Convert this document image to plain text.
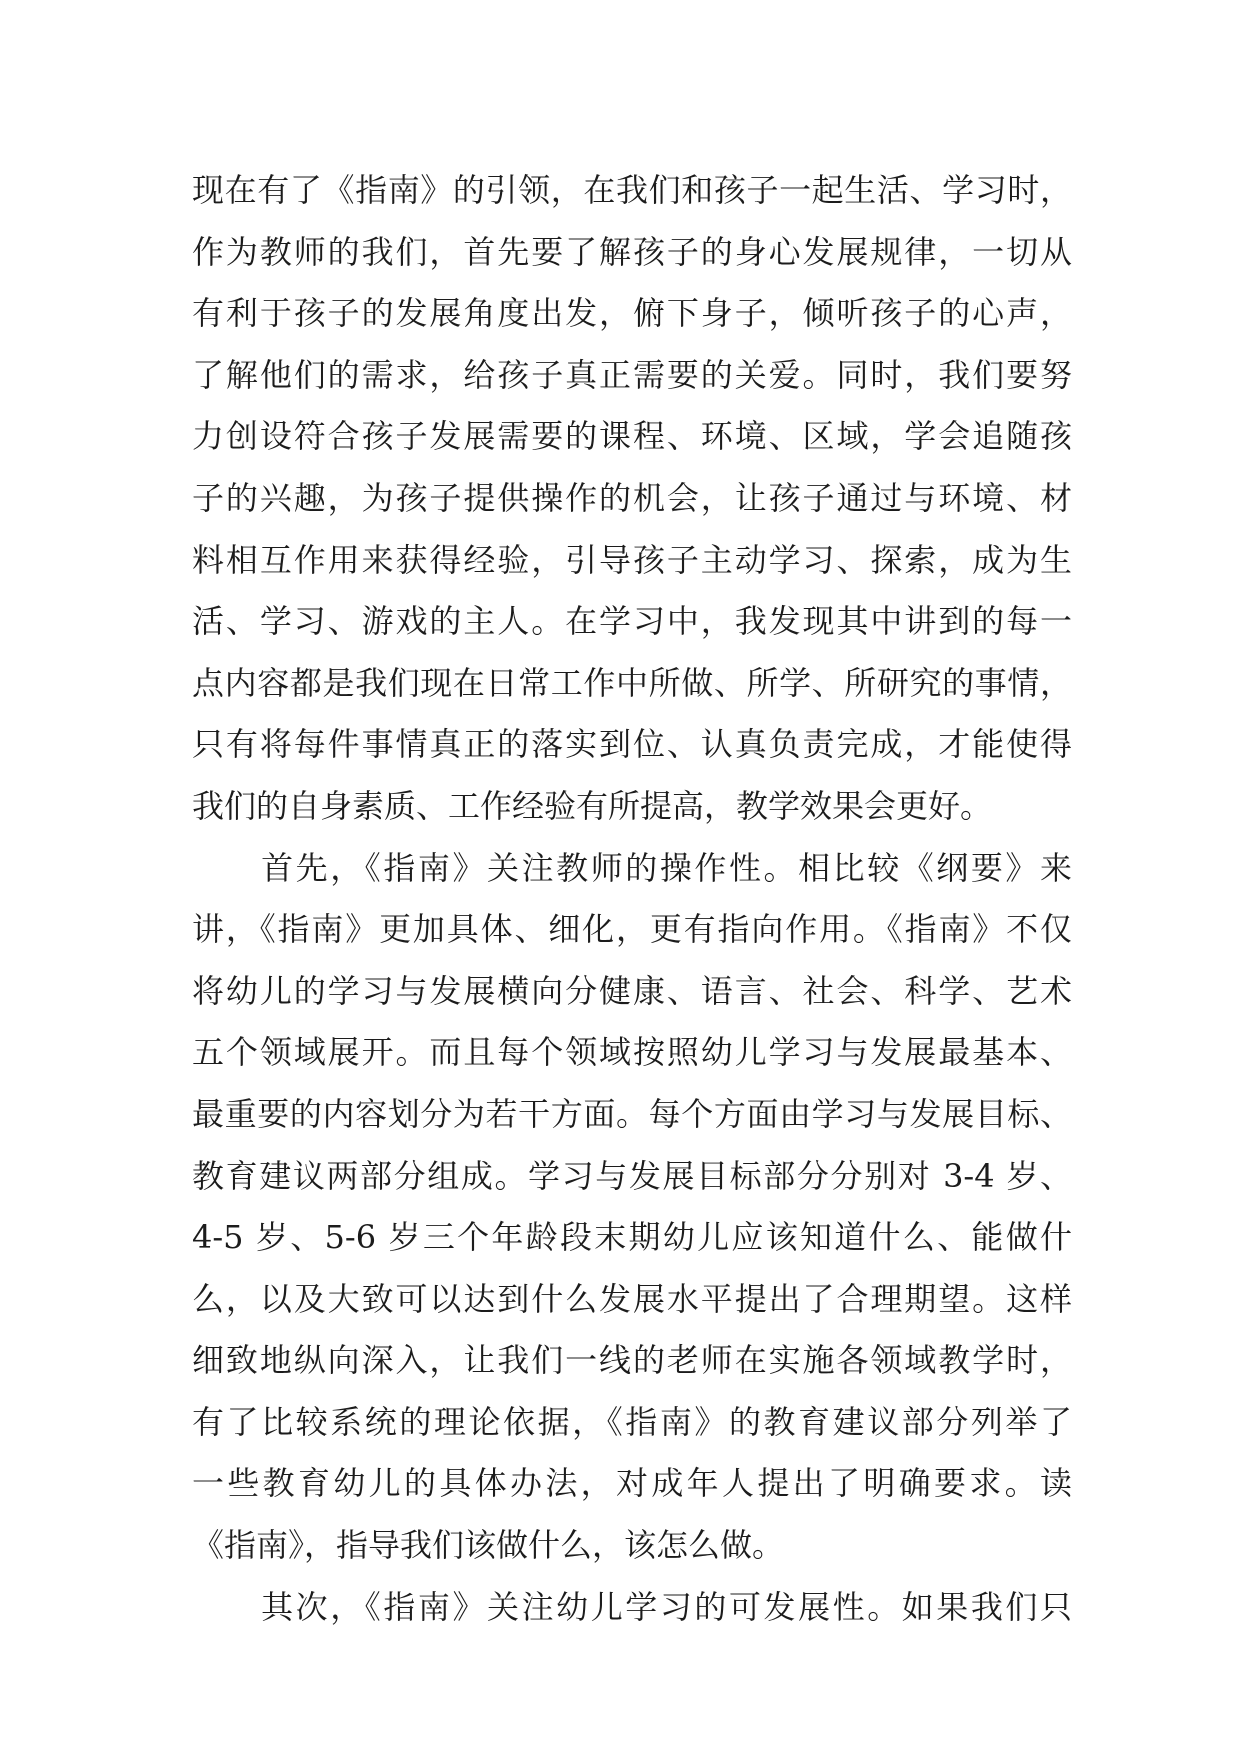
现在有了《指南》的引领，在我们和孩子一起生活、学习时，
作为教师的我们，首先要了解孩子的身心发展规律，一切从
有利于孩子的发展角度出发，俯下身子，倾听孩子的心声，
了解他们的需求，给孩子真正需要的关爱。同时，我们要努
力创设符合孩子发展需要的课程、环境、区域，学会追随孩
子的兴趣，为孩子提供操作的机会，让孩子通过与环境、材
料相互作用来获得经验，引导孩子主动学习、探索，成为生
活、学习、游戏的主人。在学习中，我发现其中讲到的每一
点内容都是我们现在日常工作中所做、所学、所研究的事情，
只有将每件事情真正的落实到位、认真负责完成，才能使得
我们的自身素质、工作经验有所提高，教学效果会更好。
　　首先，《指南》关注教师的操作性。相比较《纲要》来
讲，《指南》更加具体、细化，更有指向作用。《指南》不仅
将幼儿的学习与发展横向分健康、语言、社会、科学、艺术
五个领域展开。而且每个领域按照幼儿学习与发展最基本、
最重要的内容划分为若干方面。每个方面由学习与发展目标、
教育建议两部分组成。学习与发展目标部分分别对 3-4 岁、
4-5 岁、5-6 岁三个年龄段末期幼儿应该知道什么、能做什
么，以及大致可以达到什么发展水平提出了合理期望。这样
细致地纵向深入，让我们一线的老师在实施各领域教学时，
有了比较系统的理论依据，《指南》的教育建议部分列举了
一些教育幼儿的具体办法，对成年人提出了明确要求。读
《指南》，指导我们该做什么，该怎么做。
　　其次，《指南》关注幼儿学习的可发展性。如果我们只
